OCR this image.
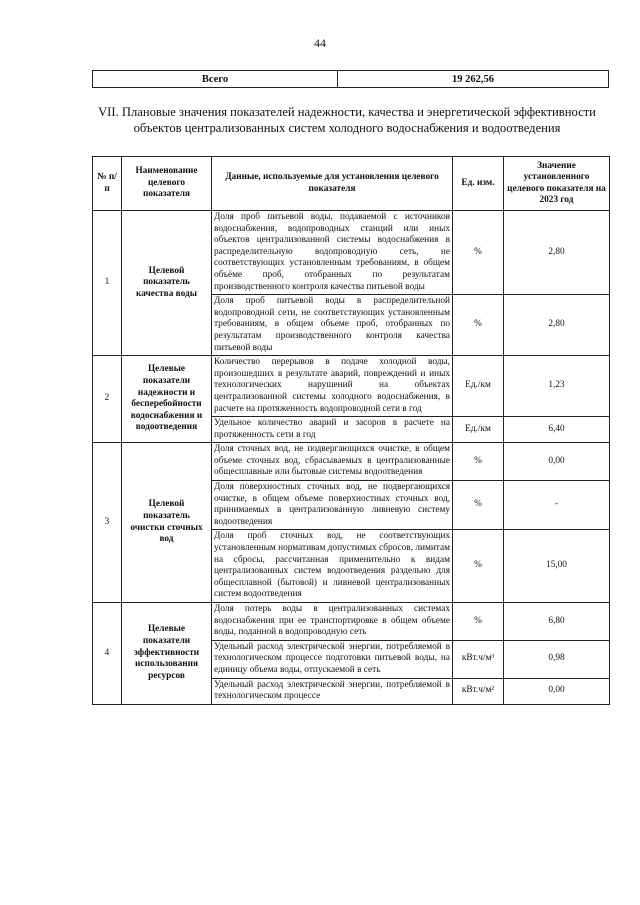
44
Всего	19 262,56
VII. Плановые значения показателей надежности, качества и энергетической эффективности объектов централизованных систем холодного водоснабжения и водоотведения
№ п/п	Наименование целевого показателя	Данные, используемые для установления целевого показателя	Ед. изм.	Значение установленного целевого показателя на 2023 год
1	Целевой показатель качества воды	Доля проб питьевой воды, подаваемой с источников водоснабжения, водопроводных станций или иных объектов централизованной системы водоснабжения в распределительную водопроводную сеть, не соответствующих установленным требованиям, в общем объёме проб, отобранных по результатам производственного контроля качества питьевой воды	%	2,80
		Доля проб питьевой воды в распределительной водопроводной сети, не соответствующих установленным требованиям, в общем объеме проб, отобранных по результатам производственного контроля качества питьевой воды	%	2,80
2	Целевые показатели надежности и бесперебойности водоснабжения и водоотведения	Количество перерывов в подаче холодной воды, произошедших в результате аварий, повреждений и иных технологических нарушений на объектах централизованной системы холодного водоснабжения, в расчете на протяженность водопроводной сети в год	Ед./км	1,23
		Удельное количество аварий и засоров в расчете на протяженность сети в год	Ед./км	6,40
3	Целевой показатель очистки сточных вод	Доля сточных вод, не подвергающихся очистке, в общем объеме сточных вод, сбрасываемых в централизованные общесплавные или бытовые системы водоотведения	%	0,00
		Доля поверхностных сточных вод, не подвергающихся очистке, в общем объеме поверхностных сточных вод, принимаемых в централизованную ливневую систему водоотведения	%	-
		Доля проб сточных вод, не соответствующих установленным нормативам допустимых сбросов, лимитам на сбросы, рассчитанная применительно к видам централизованных систем водоотведения раздельно для общесплавной (бытовой) и ливневой централизованных систем водоотведения	%	15,00
4	Целевые показатели эффективности использования ресурсов	Доля потерь воды в централизованных системах водоснабжения при ее транспортировке в общем объеме воды, поданной в водопроводную сеть	%	6,80
		Удельный расход электрической энергии, потребляемой в технологическом процессе подготовки питьевой воды, на единицу объема воды, отпускаемой в сеть	кВт.ч/м³	0,98
		Удельный расход электрической энергии, потребляемой в технологическом процессе	кВт.ч/м²	0,00
